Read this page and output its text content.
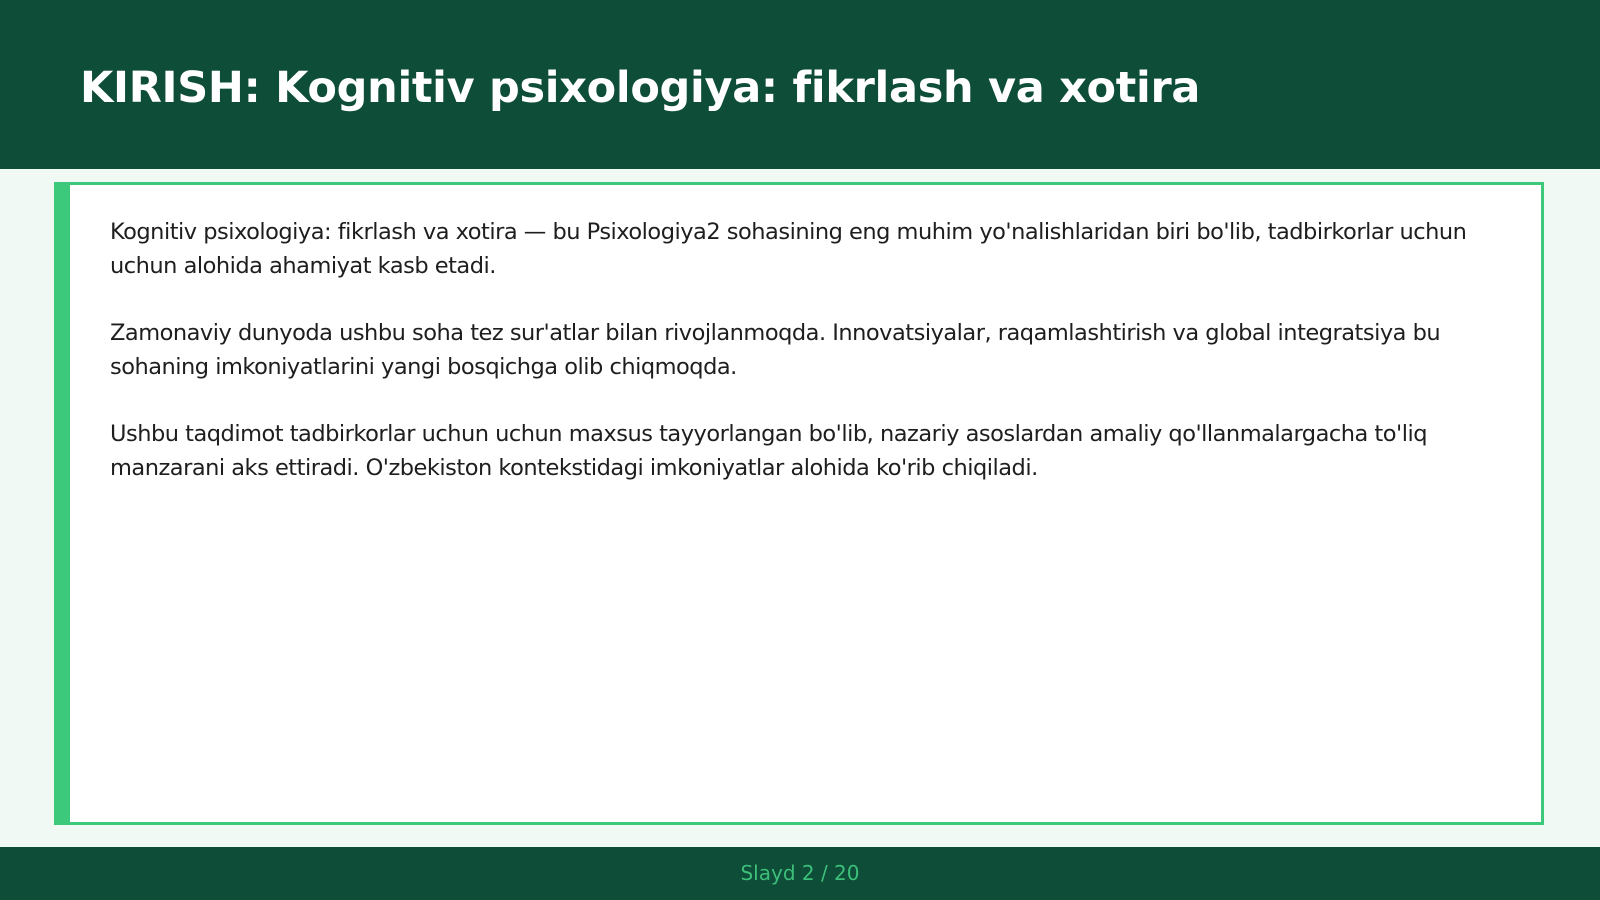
KIRISH: Kognitiv psixologiya: fikrlash va xotira

Kognitiv psixologiya: fikrlash va xotira — bu Psixologiya2 sohasining eng muhim yo'nalishlaridan biri bo'lib, tadbirkorlar uchun uchun alohida ahamiyat kasb etadi.

Zamonaviy dunyoda ushbu soha tez sur'atlar bilan rivojlanmoqda. Innovatsiyalar, raqamlashtirish va global integratsiya bu sohaning imkoniyatlarini yangi bosqichga olib chiqmoqda.

Ushbu taqdimot tadbirkorlar uchun uchun maxsus tayyorlangan bo'lib, nazariy asoslardan amaliy qo'llanmalargacha to'liq manzarani aks ettiradi. O'zbekiston kontekstidagi imkoniyatlar alohida ko'rib chiqiladi.

Slayd 2 / 20
